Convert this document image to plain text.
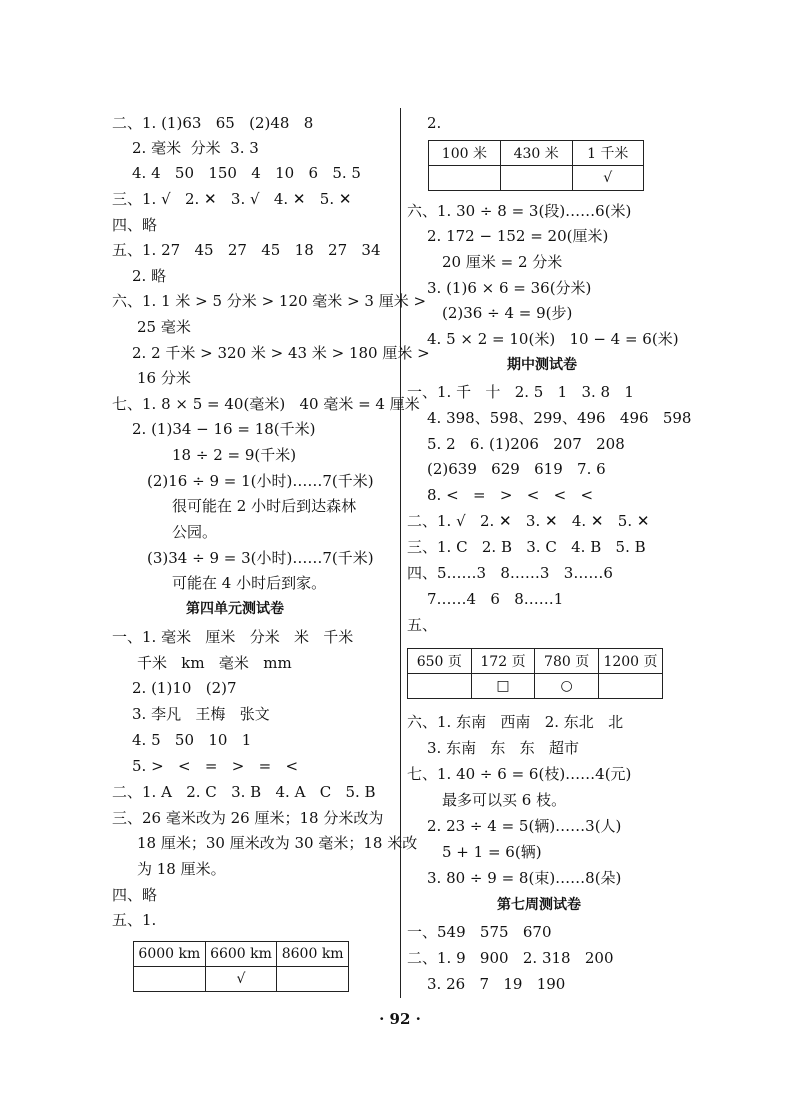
二、1. (1)63   65   (2)48   8
2. 毫米  分米  3. 3
4. 4   50   150   4   10   6   5. 5
三、1. √   2. ✕   3. √   4. ✕   5. ✕
四、略
五、1. 27   45   27   45   18   27   34
2. 略
六、1. 1 米 > 5 分米 > 120 毫米 > 3 厘米 >
25 毫米
2. 2 千米 > 320 米 > 43 米 > 180 厘米 >
16 分米
七、1. 8 × 5 = 40(毫米)   40 毫米 = 4 厘米
2. (1)34 − 16 = 18(千米)
18 ÷ 2 = 9(千米)
(2)16 ÷ 9 = 1(小时)……7(千米)
很可能在 2 小时后到达森林
公园。
(3)34 ÷ 9 = 3(小时)……7(千米)
可能在 4 小时后到家。
第四单元测试卷
一、1. 毫米   厘米   分米   米   千米
千米   km   毫米   mm
2. (1)10   (2)7
3. 李凡   王梅   张文
4. 5   50   10   1
5. >   <   =   >   =   <
二、1. A   2. C   3. B   4. A   C   5. B
三、26 毫米改为 26 厘米；18 分米改为
18 厘米；30 厘米改为 30 毫米；18 米改
为 18 厘米。
四、略
五、1.
6000 km	6600 km	8600 km
	√	
2.
100 米	430 米	1 千米
		√
六、1. 30 ÷ 8 = 3(段)……6(米)
2. 172 − 152 = 20(厘米)
20 厘米 = 2 分米
3. (1)6 × 6 = 36(分米)
(2)36 ÷ 4 = 9(步)
4. 5 × 2 = 10(米)   10 − 4 = 6(米)
期中测试卷
一、1. 千   十   2. 5   1   3. 8   1
4. 398、598、299、496   496   598
5. 2   6. (1)206   207   208
(2)639   629   619   7. 6
8. <   =   >   <   <   <
二、1. √   2. ✕   3. ✕   4. ✕   5. ✕
三、1. C   2. B   3. C   4. B   5. B
四、5……3   8……3   3……6
7……4   6   8……1
五、
650 页	172 页	780 页	1200 页
	□	○	
六、1. 东南   西南   2. 东北   北
3. 东南   东   东   超市
七、1. 40 ÷ 6 = 6(枝)……4(元)
最多可以买 6 枝。
2. 23 ÷ 4 = 5(辆)……3(人)
5 + 1 = 6(辆)
3. 80 ÷ 9 = 8(束)……8(朵)
第七周测试卷
一、549   575   670
二、1. 9   900   2. 318   200
3. 26   7   19   190
· 92 ·
